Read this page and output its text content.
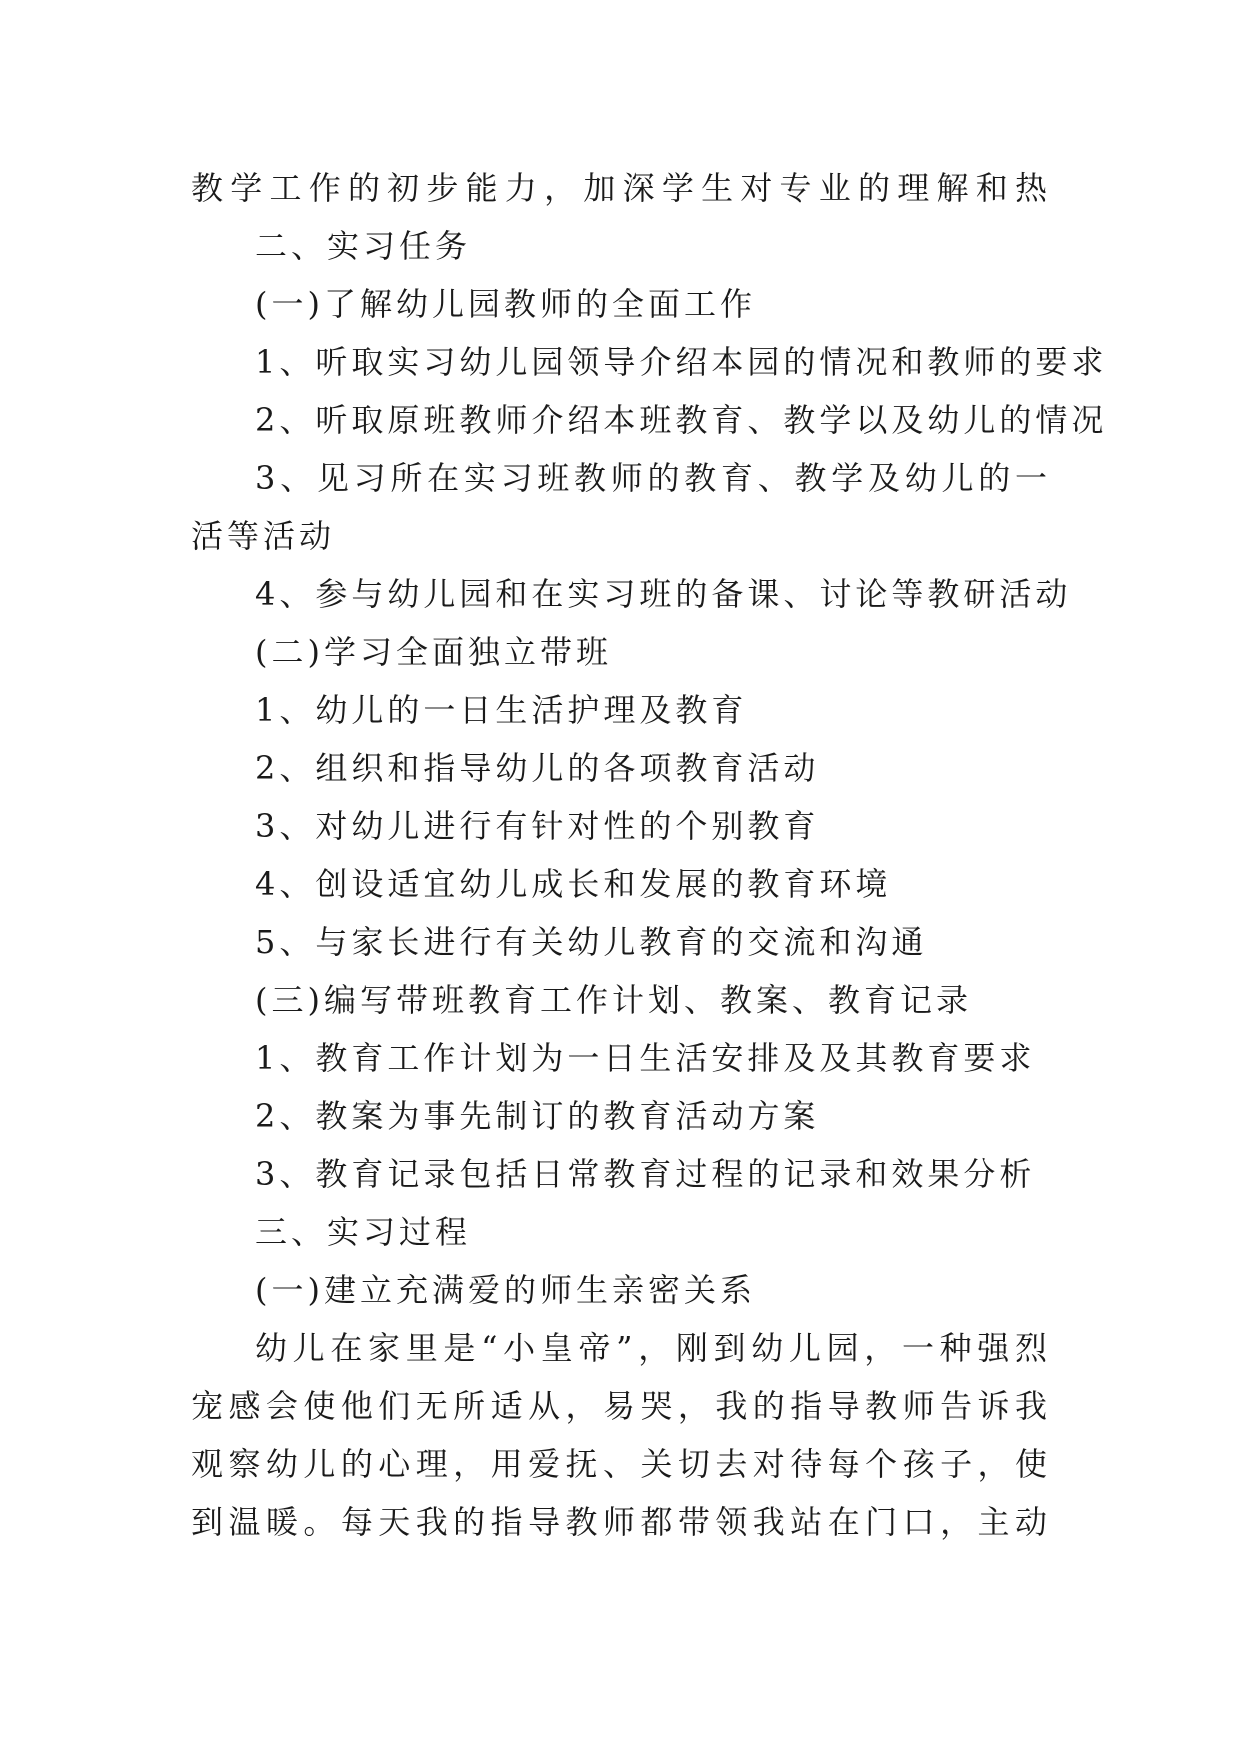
教学工作的初步能力，加深学生对专业的理解和热
二、实习任务
(一)了解幼儿园教师的全面工作
1、听取实习幼儿园领导介绍本园的情况和教师的要求
2、听取原班教师介绍本班教育、教学以及幼儿的情况
3、见习所在实习班教师的教育、教学及幼儿的一
活等活动
4、参与幼儿园和在实习班的备课、讨论等教研活动
(二)学习全面独立带班
1、幼儿的一日生活护理及教育
2、组织和指导幼儿的各项教育活动
3、对幼儿进行有针对性的个别教育
4、创设适宜幼儿成长和发展的教育环境
5、与家长进行有关幼儿教育的交流和沟通
(三)编写带班教育工作计划、教案、教育记录
1、教育工作计划为一日生活安排及及其教育要求
2、教案为事先制订的教育活动方案
3、教育记录包括日常教育过程的记录和效果分析
三、实习过程
(一)建立充满爱的师生亲密关系
幼儿在家里是“小皇帝”，刚到幼儿园，一种强烈
宠感会使他们无所适从，易哭，我的指导教师告诉我
观察幼儿的心理，用爱抚、关切去对待每个孩子，使
到温暖。每天我的指导教师都带领我站在门口，主动
